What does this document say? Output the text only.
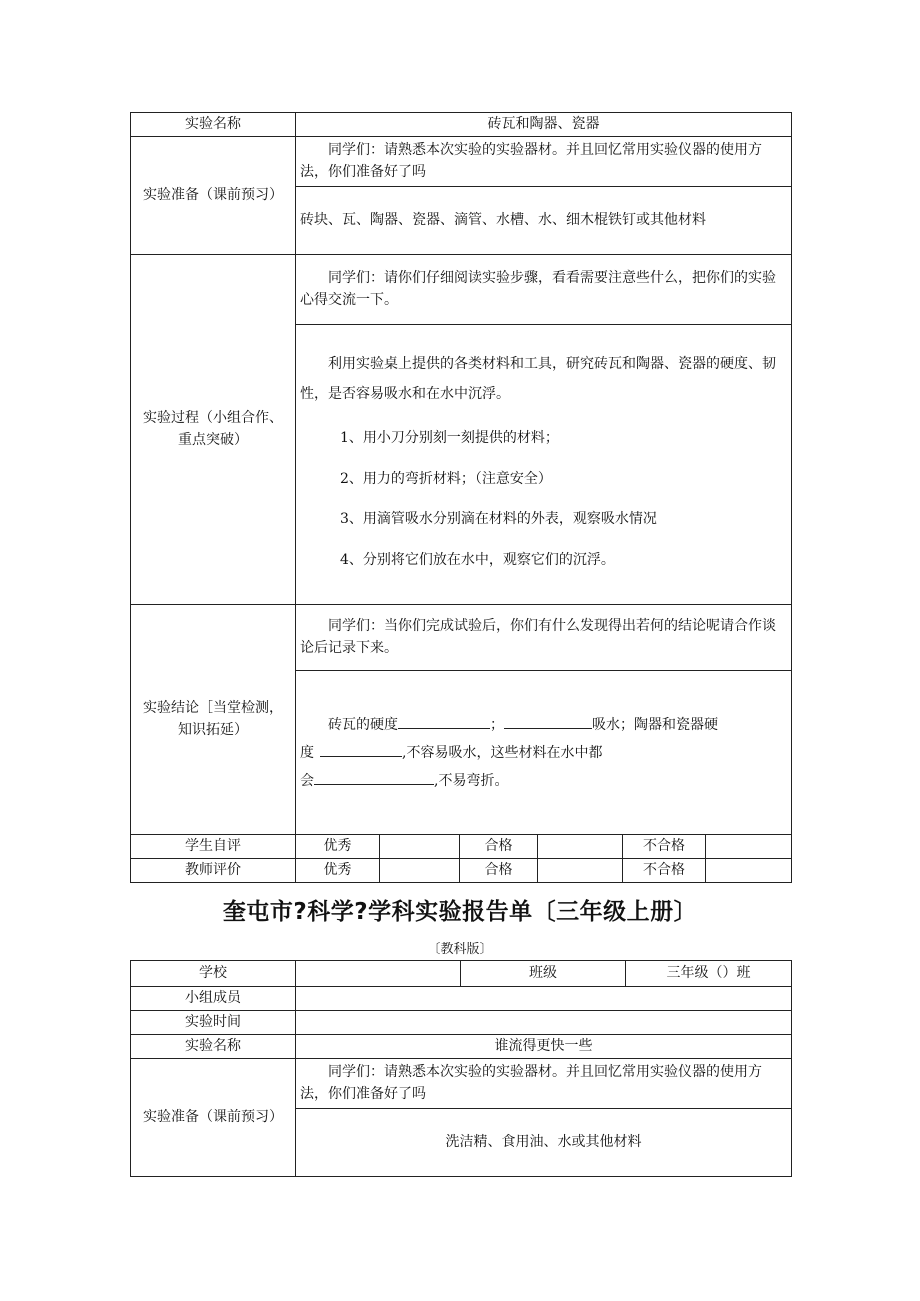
实验名称	砖瓦和陶器、瓷器					
实验准备（课前预习）	同学们：请熟悉本次实验的实验器材。并且回忆常用实验仪器的使用方法，你们准备好了吗					

	砖块、瓦、陶器、瓷器、滴管、水槽、水、细木棍铁钉或其他材料					
实验过程（小组合作、重点突破）	同学们：请你们仔细阅读实验步骤，看看需要注意些什么，把你们的实验心得交流一下。					

	利用实验桌上提供的各类材料和工具，研究砖瓦和陶器、瓷器的硬度、韧性，是否容易吸水和在水中沉浮。

1、用小刀分别刻一刻提供的材料；

2、用力的弯折材料；（注意安全）

3、用滴管吸水分别滴在材料的外表，观察吸水情况

4、分别将它们放在水中，观察它们的沉浮。					

实验结论［当堂检测，知识拓延）	同学们：当你们完成试验后，你们有什么发现得出若何的结论呢请合作谈论后记录下来。					

	砖瓦的硬度 ； 吸水；陶器和瓷器硬
度 ,不容易吸水，这些材料在水中都
会 ,不易弯折。					

学生自评	优秀		合格		不合格	
教师评价	优秀		合格		不合格	
奎屯市?科学?学科实验报告单〔三年级上册〕
〔教科版〕
学校		班级	三年级（）班
小组成员			
实验时间			
实验名称	谁流得更快一些		
实验准备（课前预习）	同学们：请熟悉本次实验的实验器材。并且回忆常用实验仪器的使用方法，你们准备好了吗		

	洗洁精、食用油、水或其他材料		
